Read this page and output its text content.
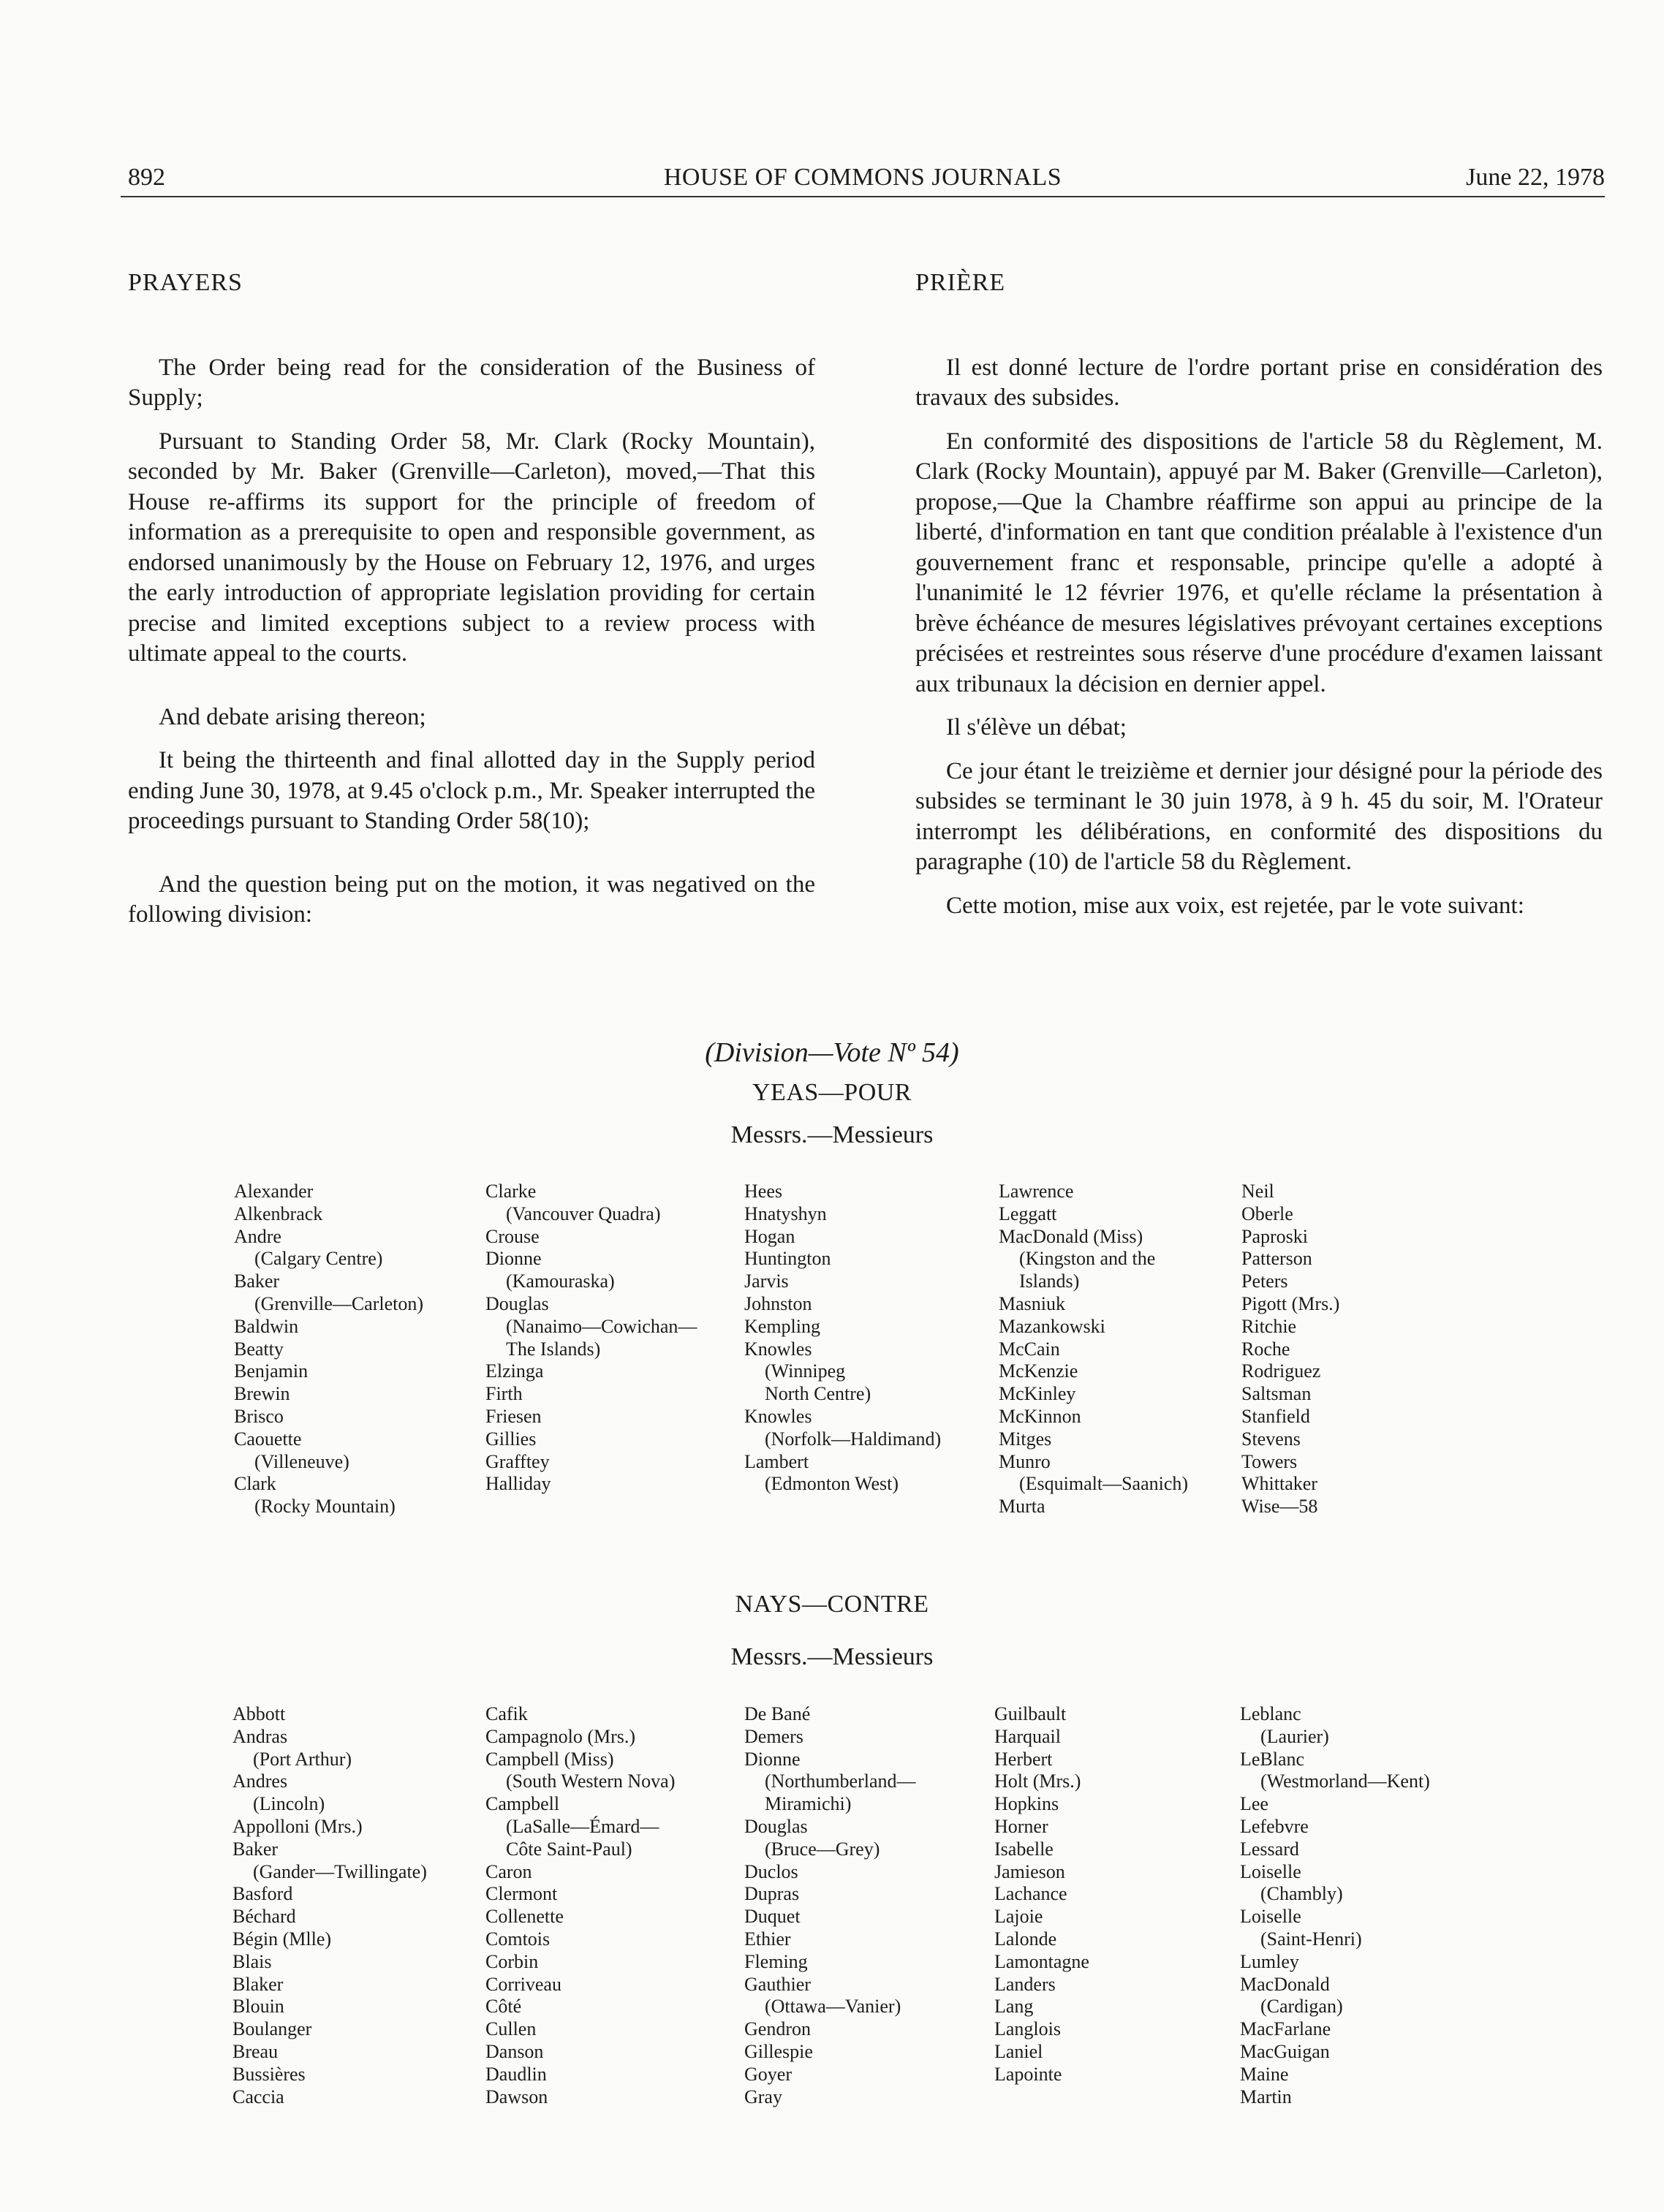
892	HOUSE OF COMMONS JOURNALS	June 22, 1978
PRAYERS

The Order being read for the consideration of the Business of Supply;

Pursuant to Standing Order 58, Mr. Clark (Rocky Mountain), seconded by Mr. Baker (Grenville—Carleton), moved,—That this House re-affirms its support for the principle of freedom of information as a prerequisite to open and responsible government, as endorsed unanimously by the House on February 12, 1976, and urges the early introduction of appropriate legislation providing for certain precise and limited exceptions subject to a review process with ultimate appeal to the courts.

And debate arising thereon;

It being the thirteenth and final allotted day in the Supply period ending June 30, 1978, at 9.45 o'clock p.m., Mr. Speaker interrupted the proceedings pursuant to Standing Order 58(10);

And the question being put on the motion, it was negatived on the following division:

PRIÈRE

Il est donné lecture de l'ordre portant prise en considération des travaux des subsides.

En conformité des dispositions de l'article 58 du Règlement, M. Clark (Rocky Mountain), appuyé par M. Baker (Grenville—Carleton), propose,—Que la Chambre réaffirme son appui au principe de la liberté, d'information en tant que condition préalable à l'existence d'un gouvernement franc et responsable, principe qu'elle a adopté à l'unanimité le 12 février 1976, et qu'elle réclame la présentation à brève échéance de mesures législatives prévoyant certaines exceptions précisées et restreintes sous réserve d'une procédure d'examen laissant aux tribunaux la décision en dernier appel.

Il s'élève un débat;

Ce jour étant le treizième et dernier jour désigné pour la période des subsides se terminant le 30 juin 1978, à 9 h. 45 du soir, M. l'Orateur interrompt les délibérations, en conformité des dispositions du paragraphe (10) de l'article 58 du Règlement.

Cette motion, mise aux voix, est rejetée, par le vote suivant:

(Division—Vote Nº 54)
YEAS—POUR
Messrs.—Messieurs
Alexander
Alkenbrack
Andre
(Calgary Centre)
Baker
(Grenville—Carleton)
Baldwin
Beatty
Benjamin
Brewin
Brisco
Caouette
(Villeneuve)
Clark
(Rocky Mountain)
Clarke
(Vancouver Quadra)
Crouse
Dionne
(Kamouraska)
Douglas
(Nanaimo—Cowichan—
The Islands)
Elzinga
Firth
Friesen
Gillies
Grafftey
Halliday
Hees
Hnatyshyn
Hogan
Huntington
Jarvis
Johnston
Kempling
Knowles
(Winnipeg
North Centre)
Knowles
(Norfolk—Haldimand)
Lambert
(Edmonton West)
Lawrence
Leggatt
MacDonald (Miss)
(Kingston and the
Islands)
Masniuk
Mazankowski
McCain
McKenzie
McKinley
McKinnon
Mitges
Munro
(Esquimalt—Saanich)
Murta
Neil
Oberle
Paproski
Patterson
Peters
Pigott (Mrs.)
Ritchie
Roche
Rodriguez
Saltsman
Stanfield
Stevens
Towers
Whittaker
Wise—58
NAYS—CONTRE
Messrs.—Messieurs
Abbott
Andras
(Port Arthur)
Andres
(Lincoln)
Appolloni (Mrs.)
Baker
(Gander—Twillingate)
Basford
Béchard
Bégin (Mlle)
Blais
Blaker
Blouin
Boulanger
Breau
Bussières
Caccia
Cafik
Campagnolo (Mrs.)
Campbell (Miss)
(South Western Nova)
Campbell
(LaSalle—Émard—
Côte Saint-Paul)
Caron
Clermont
Collenette
Comtois
Corbin
Corriveau
Côté
Cullen
Danson
Daudlin
Dawson
De Bané
Demers
Dionne
(Northumberland—
Miramichi)
Douglas
(Bruce—Grey)
Duclos
Dupras
Duquet
Ethier
Fleming
Gauthier
(Ottawa—Vanier)
Gendron
Gillespie
Goyer
Gray
Guilbault
Harquail
Herbert
Holt (Mrs.)
Hopkins
Horner
Isabelle
Jamieson
Lachance
Lajoie
Lalonde
Lamontagne
Landers
Lang
Langlois
Laniel
Lapointe
Leblanc
(Laurier)
LeBlanc
(Westmorland—Kent)
Lee
Lefebvre
Lessard
Loiselle
(Chambly)
Loiselle
(Saint-Henri)
Lumley
MacDonald
(Cardigan)
MacFarlane
MacGuigan
Maine
Martin
